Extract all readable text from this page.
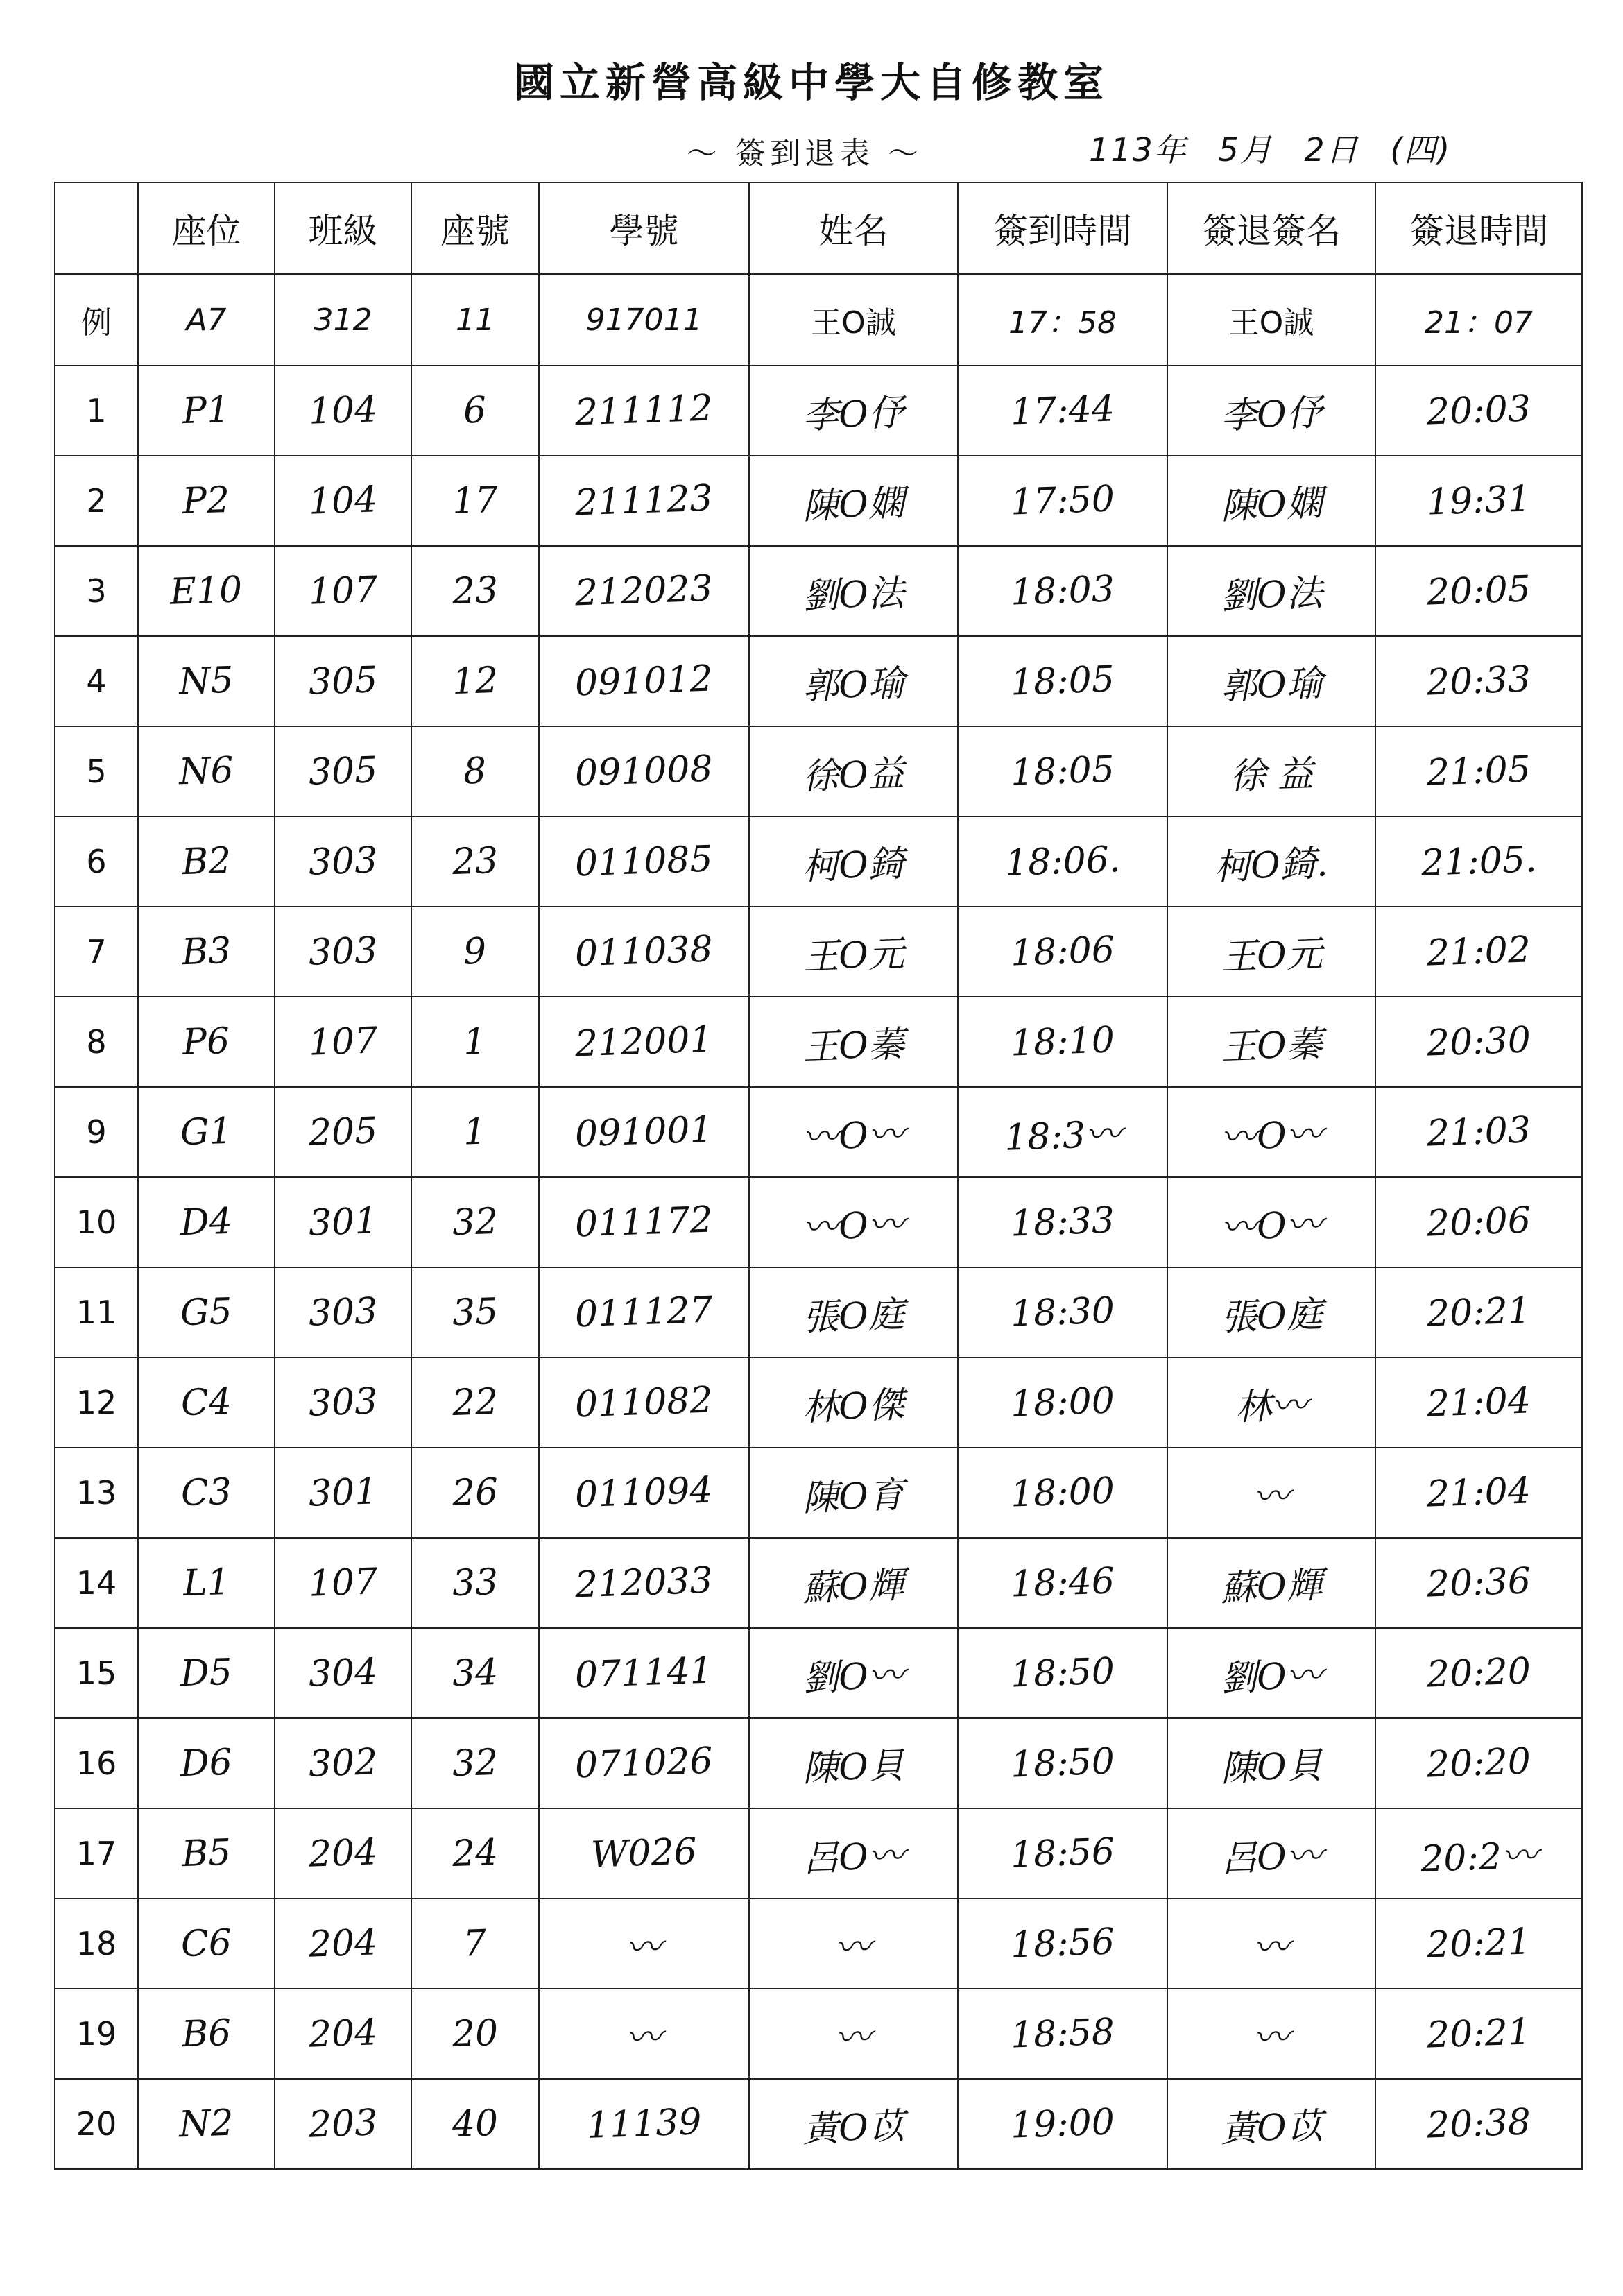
國立新營高級中學大自修教室
～ 簽到退表 ～	113年 5月 2日 (四)
	座位	班級	座號	學號	姓名	簽到時間	簽退簽名	簽退時間
例	A7	312	11	917011	王O誠	17：58	王O誠	21：07
1	P1	104	6	211112	李O伃	17:44	李O伃	20:03
2	P2	104	17	211123	陳O嫻	17:50	陳O嫻	19:31
3	E10	107	23	212023	劉O法	18:03	劉O法	20:05
4	N5	305	12	091012	郭O瑜	18:05	郭O瑜	20:33
5	N6	305	8	091008	徐O益	18:05	徐 益	21:05
6	B2	303	23	011085	柯O錡	18:06.	柯O錡.	21:05.
7	B3	303	9	011038	王O元	18:06	王O元	21:02
8	P6	107	1	212001	王O蓁	18:10	王O蓁	20:30
9	G1	205	1	091001	〰O〰	18:3〰	〰O〰	21:03
10	D4	301	32	011172	〰O〰	18:33	〰O〰	20:06
11	G5	303	35	011127	張O庭	18:30	張O庭	20:21
12	C4	303	22	011082	林O傑	18:00	林〰	21:04
13	C3	301	26	011094	陳O育	18:00	〰	21:04
14	L1	107	33	212033	蘇O輝	18:46	蘇O輝	20:36
15	D5	304	34	071141	劉O〰	18:50	劉O〰	20:20
16	D6	302	32	071026	陳O貝	18:50	陳O貝	20:20
17	B5	204	24	W026	呂O〰	18:56	呂O〰	20:2〰
18	C6	204	7	〰	〰	18:56	〰	20:21
19	B6	204	20	〰	〰	18:58	〰	20:21
20	N2	203	40	11139	黃O苡	19:00	黃O苡	20:38
